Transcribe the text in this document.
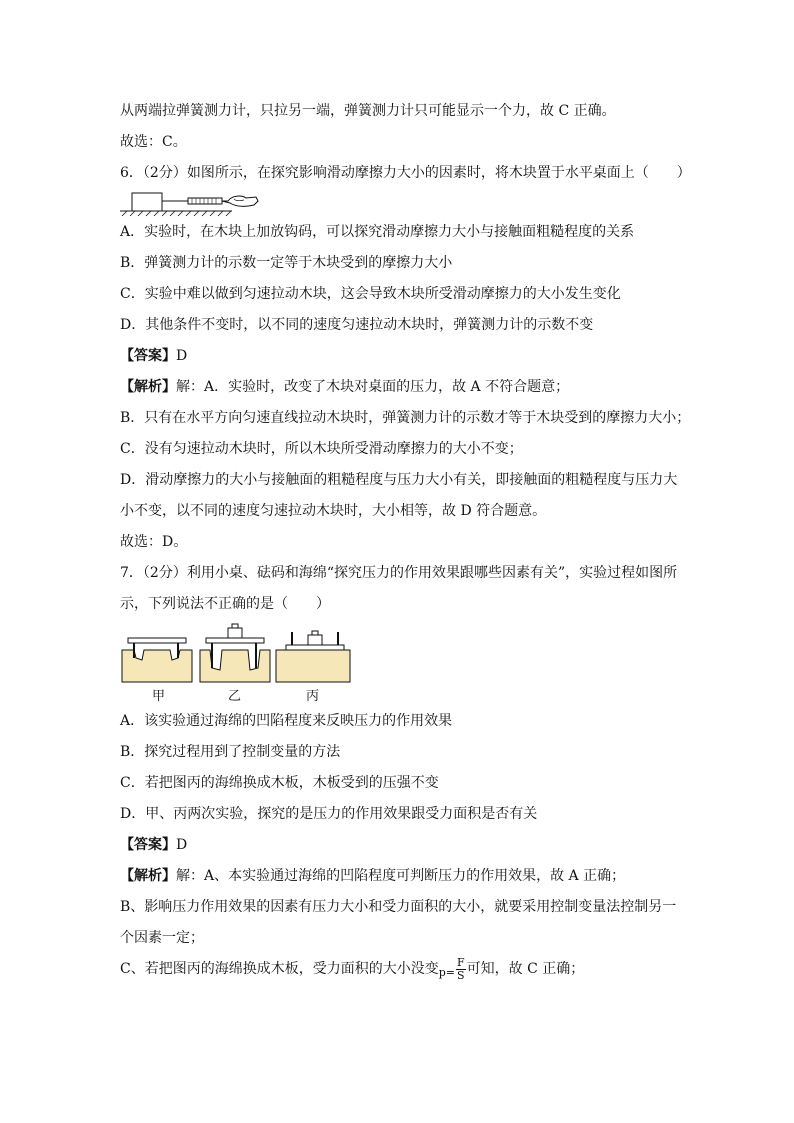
从两端拉弹簧测力计，只拉另一端，弹簧测力计只可能显示一个力，故 C 正确。
故选：C。
6．（2分）如图所示，在探究影响滑动摩擦力大小的因素时，将木块置于水平桌面上（　　）
A．实验时，在木块上加放钩码，可以探究滑动摩擦力大小与接触面粗糙程度的关系
B．弹簧测力计的示数一定等于木块受到的摩擦力大小
C．实验中难以做到匀速拉动木块，这会导致木块所受滑动摩擦力的大小发生变化
D．其他条件不变时，以不同的速度匀速拉动木块时，弹簧测力计的示数不变
【答案】D
【解析】解：A．实验时，改变了木块对桌面的压力，故 A 不符合题意；
B．只有在水平方向匀速直线拉动木块时，弹簧测力计的示数才等于木块受到的摩擦力大小；
C．没有匀速拉动木块时，所以木块所受滑动摩擦力的大小不变；
D．滑动摩擦力的大小与接触面的粗糙程度与压力大小有关，即接触面的粗糙程度与压力大
小不变，以不同的速度匀速拉动木块时，大小相等，故 D 符合题意。
故选：D。
7．（2分）利用小桌、砝码和海绵“探究压力的作用效果跟哪些因素有关”，实验过程如图所
示，下列说法不正确的是（　　）
甲	乙	丙
A．该实验通过海绵的凹陷程度来反映压力的作用效果
B．探究过程用到了控制变量的方法
C．若把图丙的海绵换成木板，木板受到的压强不变
D．甲、丙两次实验，探究的是压力的作用效果跟受力面积是否有关
【答案】D
【解析】解：A、本实验通过海绵的凹陷程度可判断压力的作用效果，故 A 正确；
B、影响压力作用效果的因素有压力大小和受力面积的大小，就要采用控制变量法控制另一
个因素一定；
C、若把图丙的海绵换成木板，受力面积的大小没变$_{p=} \frac{F}{S}$ 可知，故 C 正确；
